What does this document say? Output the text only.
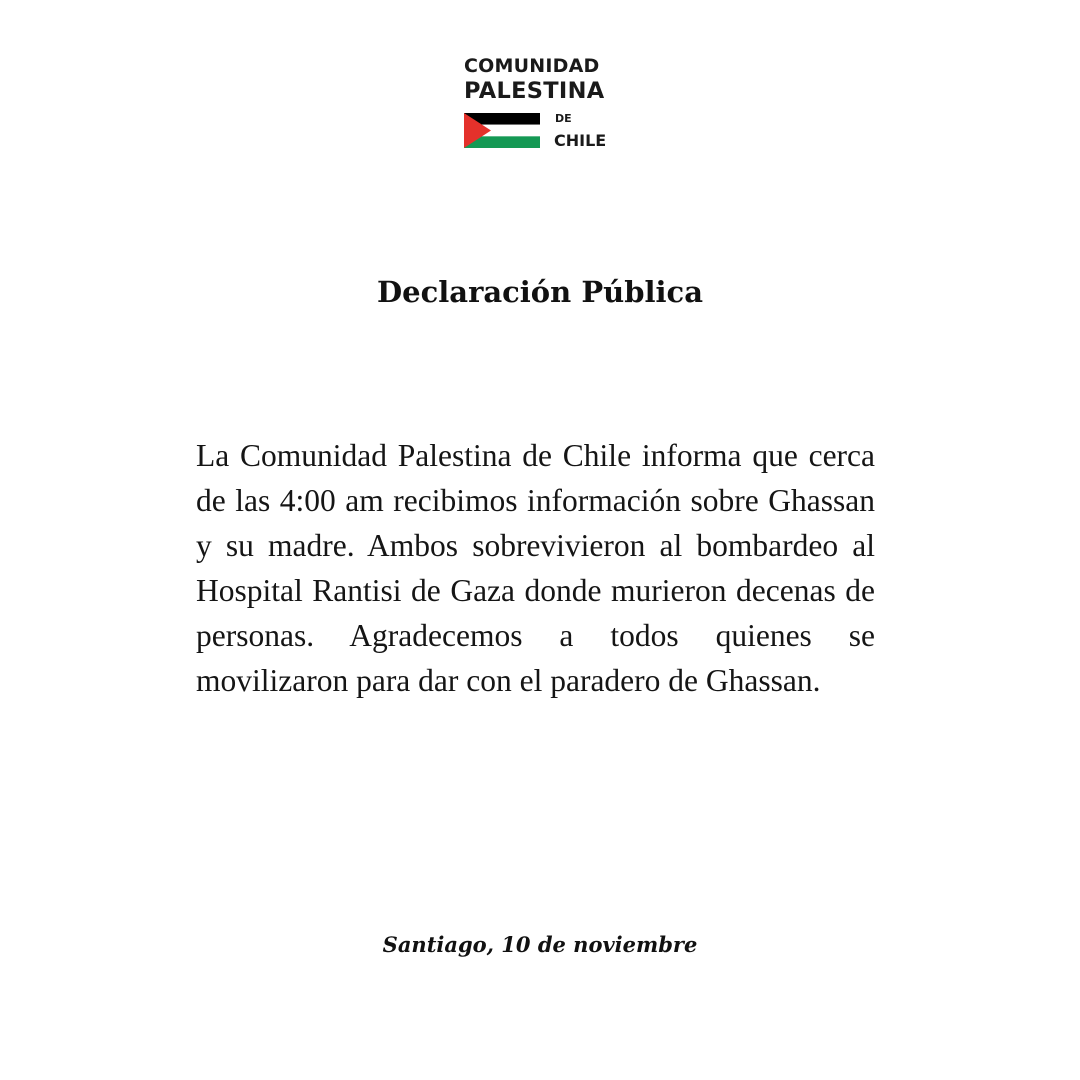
COMUNIDAD
PALESTINA
DE
CHILE
Declaración Pública

La Comunidad Palestina de Chile informa que cerca de las 4:00 am recibimos información sobre Ghassan y su madre. Ambos sobrevivieron al bombardeo al Hospital Rantisi de Gaza donde murieron decenas de personas. Agradecemos a todos quienes se movilizaron para dar con el paradero de Ghassan.

Santiago, 10 de noviembre
